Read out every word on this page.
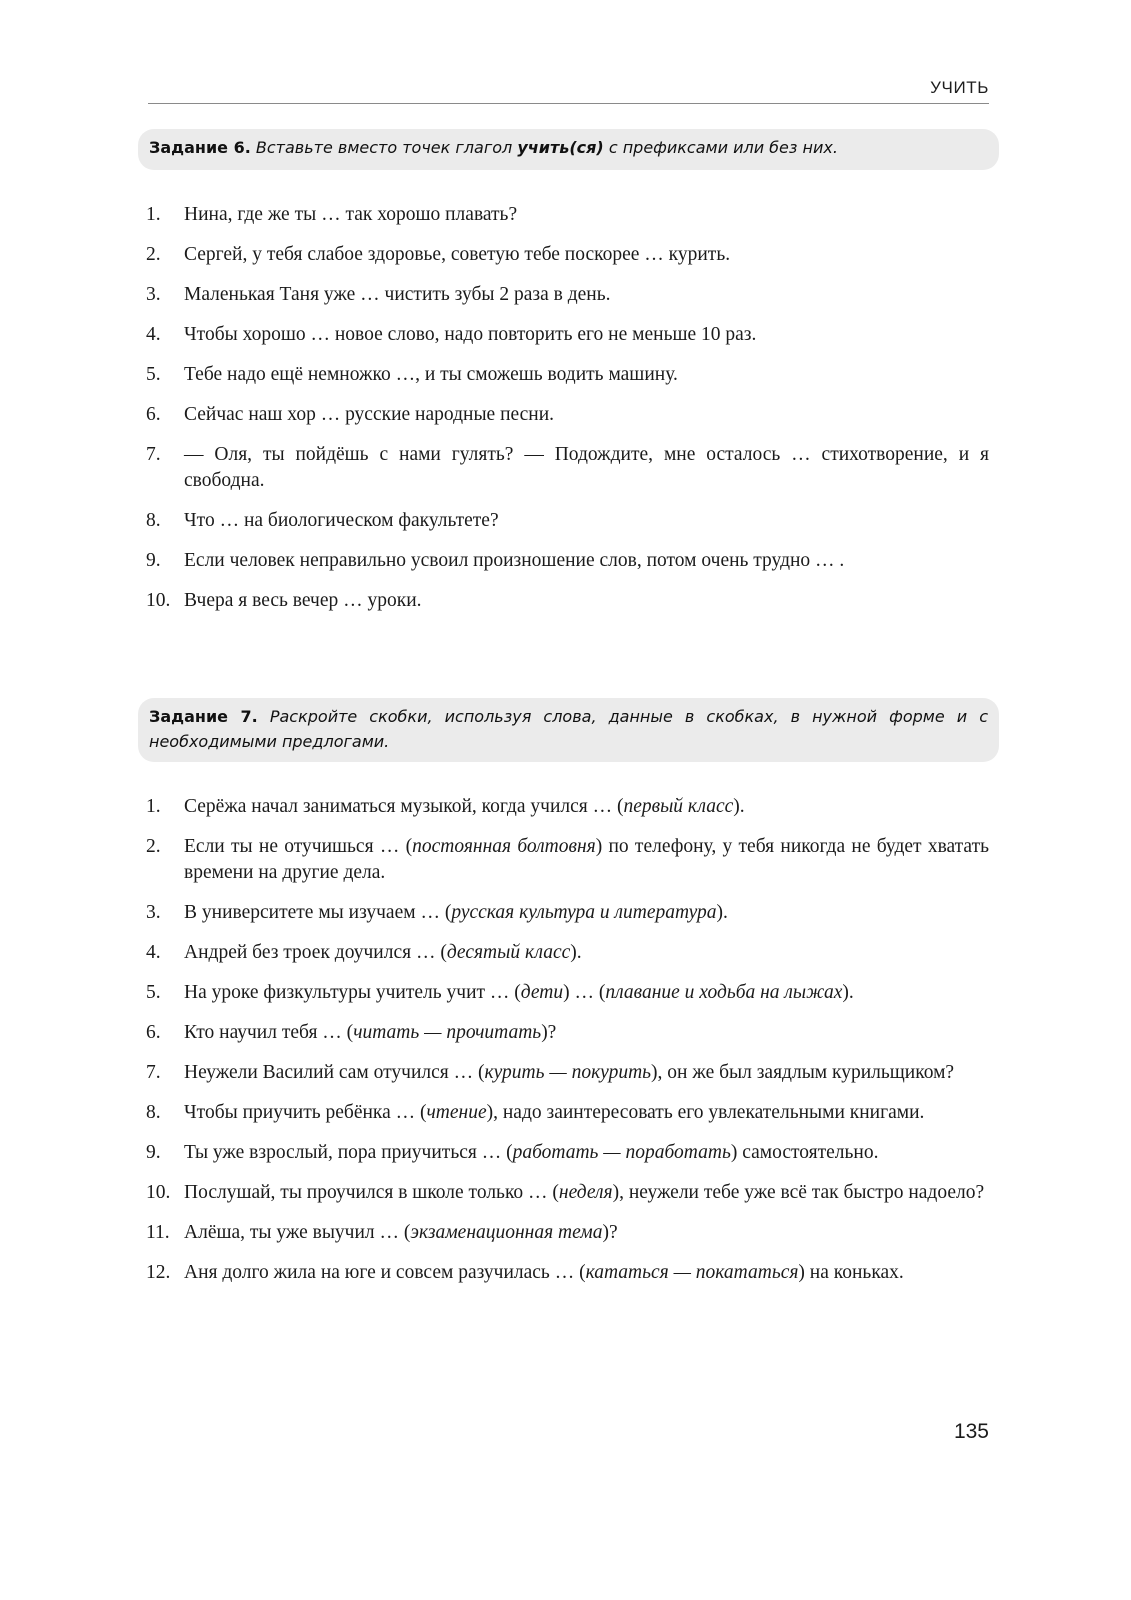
УЧИТЬ
Задание 6. Вставьте вместо точек глагол учить(ся) с префиксами или без них.
1.	Нина, где же ты … так хорошо плавать?
2.	Сергей, у тебя слабое здоровье, советую тебе поскорее … курить.
3.	Маленькая Таня уже … чистить зубы 2 раза в день.
4.	Чтобы хорошо … новое слово, надо повторить его не меньше 10 раз.
5.	Тебе надо ещё немножко …, и ты сможешь водить машину.
6.	Сейчас наш хор … русские народные песни.
7.	— Оля, ты пойдёшь с нами гулять? — Подождите, мне осталось … стихотворение, и я свободна.
8.	Что … на биологическом факультете?
9.	Если человек неправильно усвоил произношение слов, потом очень трудно … .
10. Вчера я весь вечер … уроки.
Задание 7. Раскройте скобки, используя слова, данные в скобках, в нужной форме и с необходимыми предлогами.
1.	Серёжа начал заниматься музыкой, когда учился … (первый класс).
2.	Если ты не отучишься … (постоянная болтовня) по телефону, у тебя никогда не будет хватать времени на другие дела.
3.	В университете мы изучаем … (русская культура и литература).
4.	Андрей без троек доучился … (десятый класс).
5.	На уроке физкультуры учитель учит … (дети) … (плавание и ходьба на лыжах).
6.	Кто научил тебя … (читать — прочитать)?
7.	Неужели Василий сам отучился … (курить — покурить), он же был заядлым курильщиком?
8.	Чтобы приучить ребёнка … (чтение), надо заинтересовать его увлекательными книгами.
9.	Ты уже взрослый, пора приучиться … (работать — поработать) самостоятельно.
10. Послушай, ты проучился в школе только … (неделя), неужели тебе уже всё так быстро надоело?
11. Алёша, ты уже выучил … (экзаменационная тема)?
12. Аня долго жила на юге и совсем разучилась … (кататься — покататься) на коньках.
135
